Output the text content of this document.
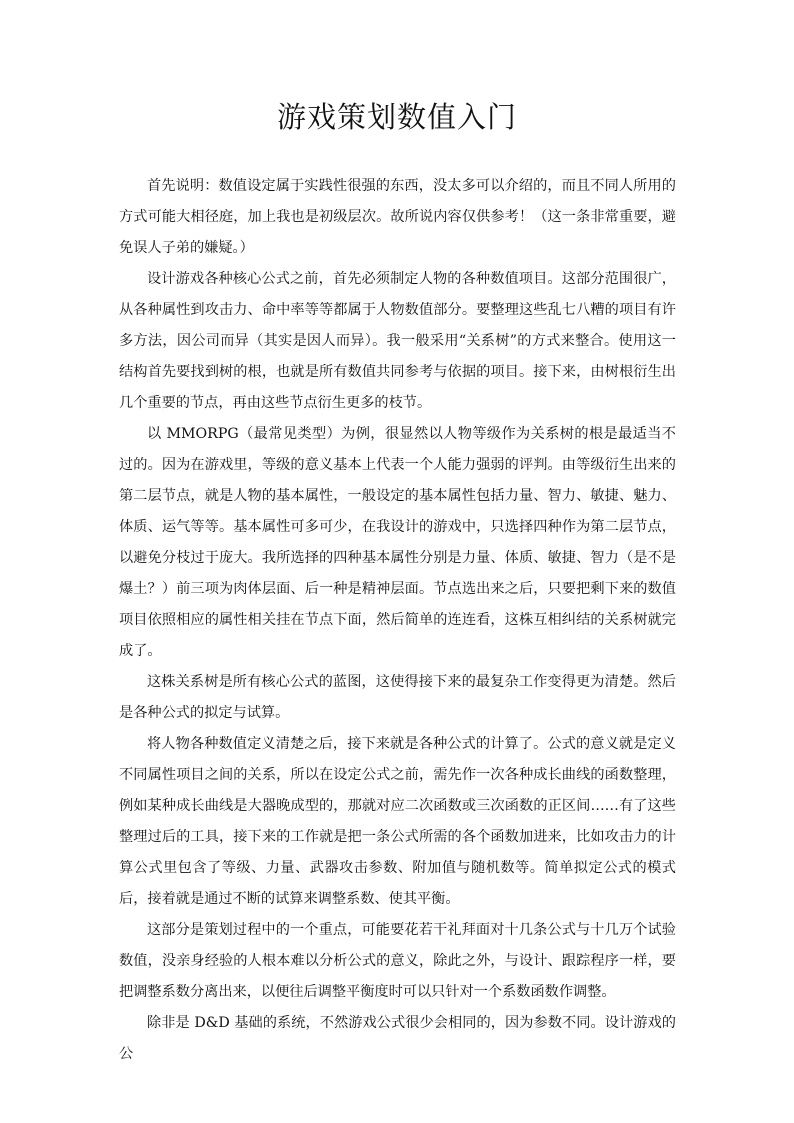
游戏策划数值入门

首先说明：数值设定属于实践性很强的东西，没太多可以介绍的，而且不同人所用的方式可能大相径庭，加上我也是初级层次。故所说内容仅供参考！（这一条非常重要，避免误人子弟的嫌疑。）

设计游戏各种核心公式之前，首先必须制定人物的各种数值项目。这部分范围很广，从各种属性到攻击力、命中率等等都属于人物数值部分。要整理这些乱七八糟的项目有许多方法，因公司而异（其实是因人而异）。我一般采用“关系树”的方式来整合。使用这一结构首先要找到树的根，也就是所有数值共同参考与依据的项目。接下来，由树根衍生出几个重要的节点，再由这些节点衍生更多的枝节。

以 MMORPG（最常见类型）为例，很显然以人物等级作为关系树的根是最适当不过的。因为在游戏里，等级的意义基本上代表一个人能力强弱的评判。由等级衍生出来的第二层节点，就是人物的基本属性，一般设定的基本属性包括力量、智力、敏捷、魅力、体质、运气等等。基本属性可多可少，在我设计的游戏中，只选择四种作为第二层节点，以避免分枝过于庞大。我所选择的四种基本属性分别是力量、体质、敏捷、智力（是不是爆土？）前三项为肉体层面、后一种是精神层面。节点选出来之后，只要把剩下来的数值项目依照相应的属性相关挂在节点下面，然后简单的连连看，这株互相纠结的关系树就完成了。

这株关系树是所有核心公式的蓝图，这使得接下来的最复杂工作变得更为清楚。然后是各种公式的拟定与试算。

将人物各种数值定义清楚之后，接下来就是各种公式的计算了。公式的意义就是定义不同属性项目之间的关系，所以在设定公式之前，需先作一次各种成长曲线的函数整理，例如某种成长曲线是大器晚成型的，那就对应二次函数或三次函数的正区间……有了这些整理过后的工具，接下来的工作就是把一条公式所需的各个函数加进来，比如攻击力的计算公式里包含了等级、力量、武器攻击参数、附加值与随机数等。简单拟定公式的模式后，接着就是通过不断的试算来调整系数、使其平衡。

这部分是策划过程中的一个重点，可能要花若干礼拜面对十几条公式与十几万个试验数值，没亲身经验的人根本难以分析公式的意义，除此之外，与设计、跟踪程序一样，要把调整系数分离出来，以便往后调整平衡度时可以只针对一个系数函数作调整。

除非是 D&D 基础的系统，不然游戏公式很少会相同的，因为参数不同。设计游戏的公
